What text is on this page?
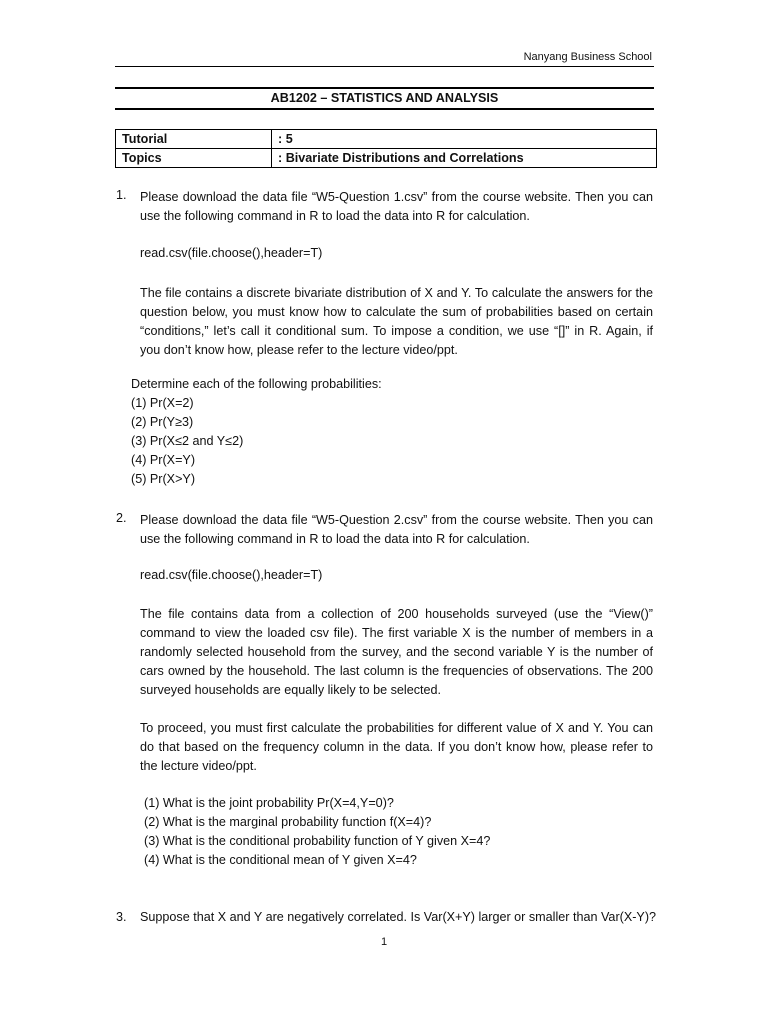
Nanyang Business School
AB1202 – STATISTICS AND ANALYSIS
Tutorial	: 5
Topics	: Bivariate Distributions and Correlations
1. Please download the data file “W5-Question 1.csv” from the course website. Then you can use the following command in R to load the data into R for calculation.
read.csv(file.choose(),header=T)
The file contains a discrete bivariate distribution of X and Y. To calculate the answers for the question below, you must know how to calculate the sum of probabilities based on certain “conditions,” let’s call it conditional sum. To impose a condition, we use “[]” in R. Again, if you don’t know how, please refer to the lecture video/ppt.
Determine each of the following probabilities:
(1) Pr(X=2)
(2) Pr(Y≥3)
(3) Pr(X≤2 and Y≤2)
(4) Pr(X=Y)
(5) Pr(X>Y)
2. Please download the data file “W5-Question 2.csv” from the course website. Then you can use the following command in R to load the data into R for calculation.
read.csv(file.choose(),header=T)
The file contains data from a collection of 200 households surveyed (use the “View()” command to view the loaded csv file). The first variable X is the number of members in a randomly selected household from the survey, and the second variable Y is the number of cars owned by the household. The last column is the frequencies of observations. The 200 surveyed households are equally likely to be selected.
To proceed, you must first calculate the probabilities for different value of X and Y. You can do that based on the frequency column in the data. If you don’t know how, please refer to the lecture video/ppt.
(1) What is the joint probability Pr(X=4,Y=0)?
(2) What is the marginal probability function f(X=4)?
(3) What is the conditional probability function of Y given X=4?
(4) What is the conditional mean of Y given X=4?
3. Suppose that X and Y are negatively correlated. Is Var(X+Y) larger or smaller than Var(X-Y)?
1
